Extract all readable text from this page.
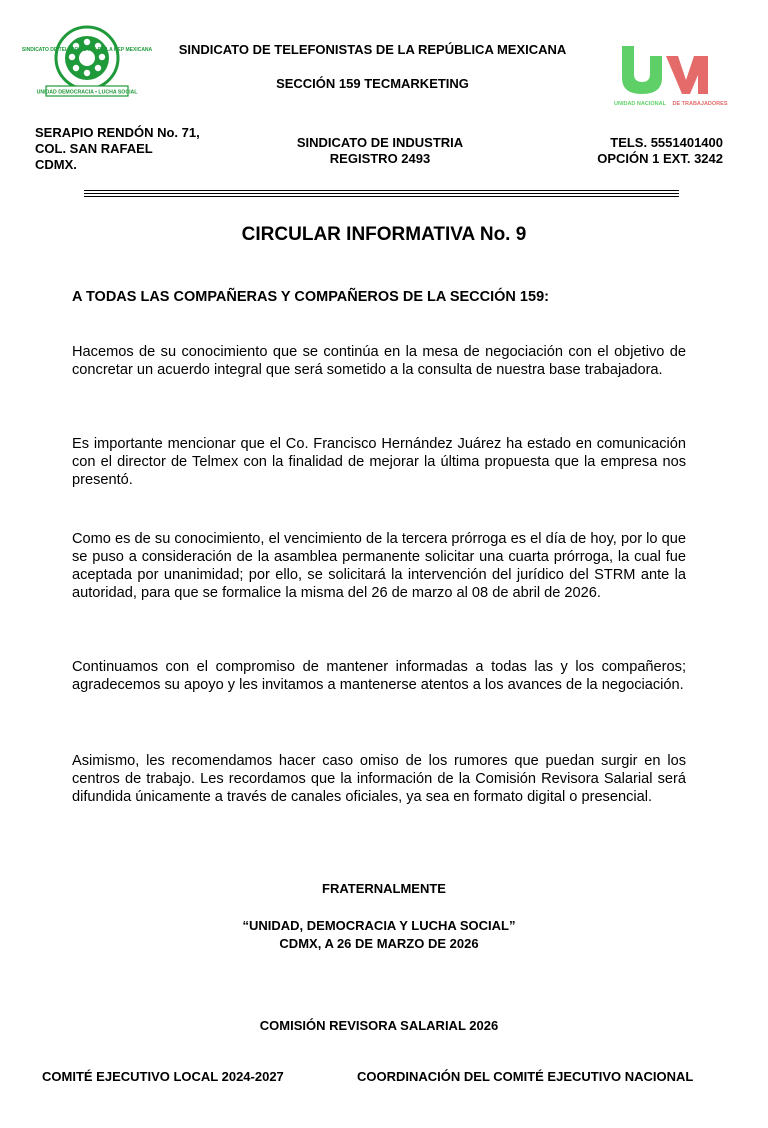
SINDICATO DE TELEFONISTAS DE LA REP MEXICANA
UNIDAD DEMOCRACIA • LUCHA SOCIAL
UNIDAD NACIONAL DE TRABAJADORES
SINDICATO DE TELEFONISTAS DE LA REPÚBLICA MEXICANA
SECCIÓN 159 TECMARKETING
SERAPIO RENDÓN No. 71,
COL. SAN RAFAEL
CDMX.
SINDICATO DE INDUSTRIA
REGISTRO 2493
TELS. 5551401400
OPCIÓN 1 EXT. 3242
CIRCULAR INFORMATIVA No. 9
A TODAS LAS COMPAÑERAS Y COMPAÑEROS DE LA SECCIÓN 159:
Hacemos de su conocimiento que se continúa en la mesa de negociación con el objetivo de concretar un acuerdo integral que será sometido a la consulta de nuestra base trabajadora.
Es importante mencionar que el Co. Francisco Hernández Juárez ha estado en comunicación con el director de Telmex con la finalidad de mejorar la última propuesta que la empresa nos presentó.
Como es de su conocimiento, el vencimiento de la tercera prórroga es el día de hoy, por lo que se puso a consideración de la asamblea permanente solicitar una cuarta prórroga, la cual fue aceptada por unanimidad; por ello, se solicitará la intervención del jurídico del STRM ante la autoridad, para que se formalice la misma del 26 de marzo al 08 de abril de 2026.
Continuamos con el compromiso de mantener informadas a todas las y los compañeros; agradecemos su apoyo y les invitamos a mantenerse atentos a los avances de la negociación.
Asimismo, les recomendamos hacer caso omiso de los rumores que puedan surgir en los centros de trabajo. Les recordamos que la información de la Comisión Revisora Salarial será difundida únicamente a través de canales oficiales, ya sea en formato digital o presencial.
FRATERNALMENTE
“UNIDAD, DEMOCRACIA Y LUCHA SOCIAL”
CDMX, A 26 DE MARZO DE 2026
COMISIÓN REVISORA SALARIAL 2026
COMITÉ EJECUTIVO LOCAL 2024-2027	COORDINACIÓN DEL COMITÉ EJECUTIVO NACIONAL
